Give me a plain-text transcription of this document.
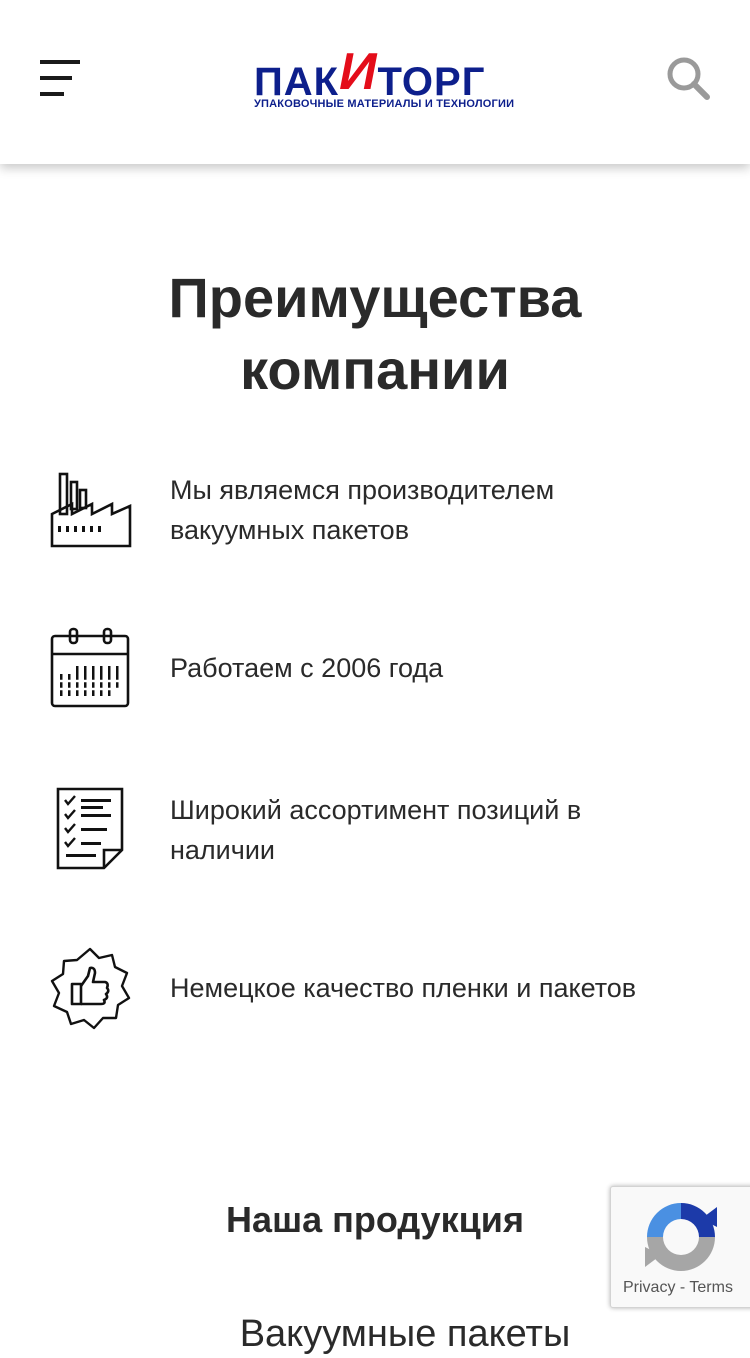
ПАКИТОРГ
УПАКОВОЧНЫЕ МАТЕРИАЛЫ И ТЕХНОЛОГИИ
Преимущества
компании
Мы являемся производителем
вакуумных пакетов
Работаем с 2006 года
Широкий ассортимент позиций в
наличии
Немецкое качество пленки и пакетов
Наша продукция
Вакуумные пакеты
Privacy - Terms
